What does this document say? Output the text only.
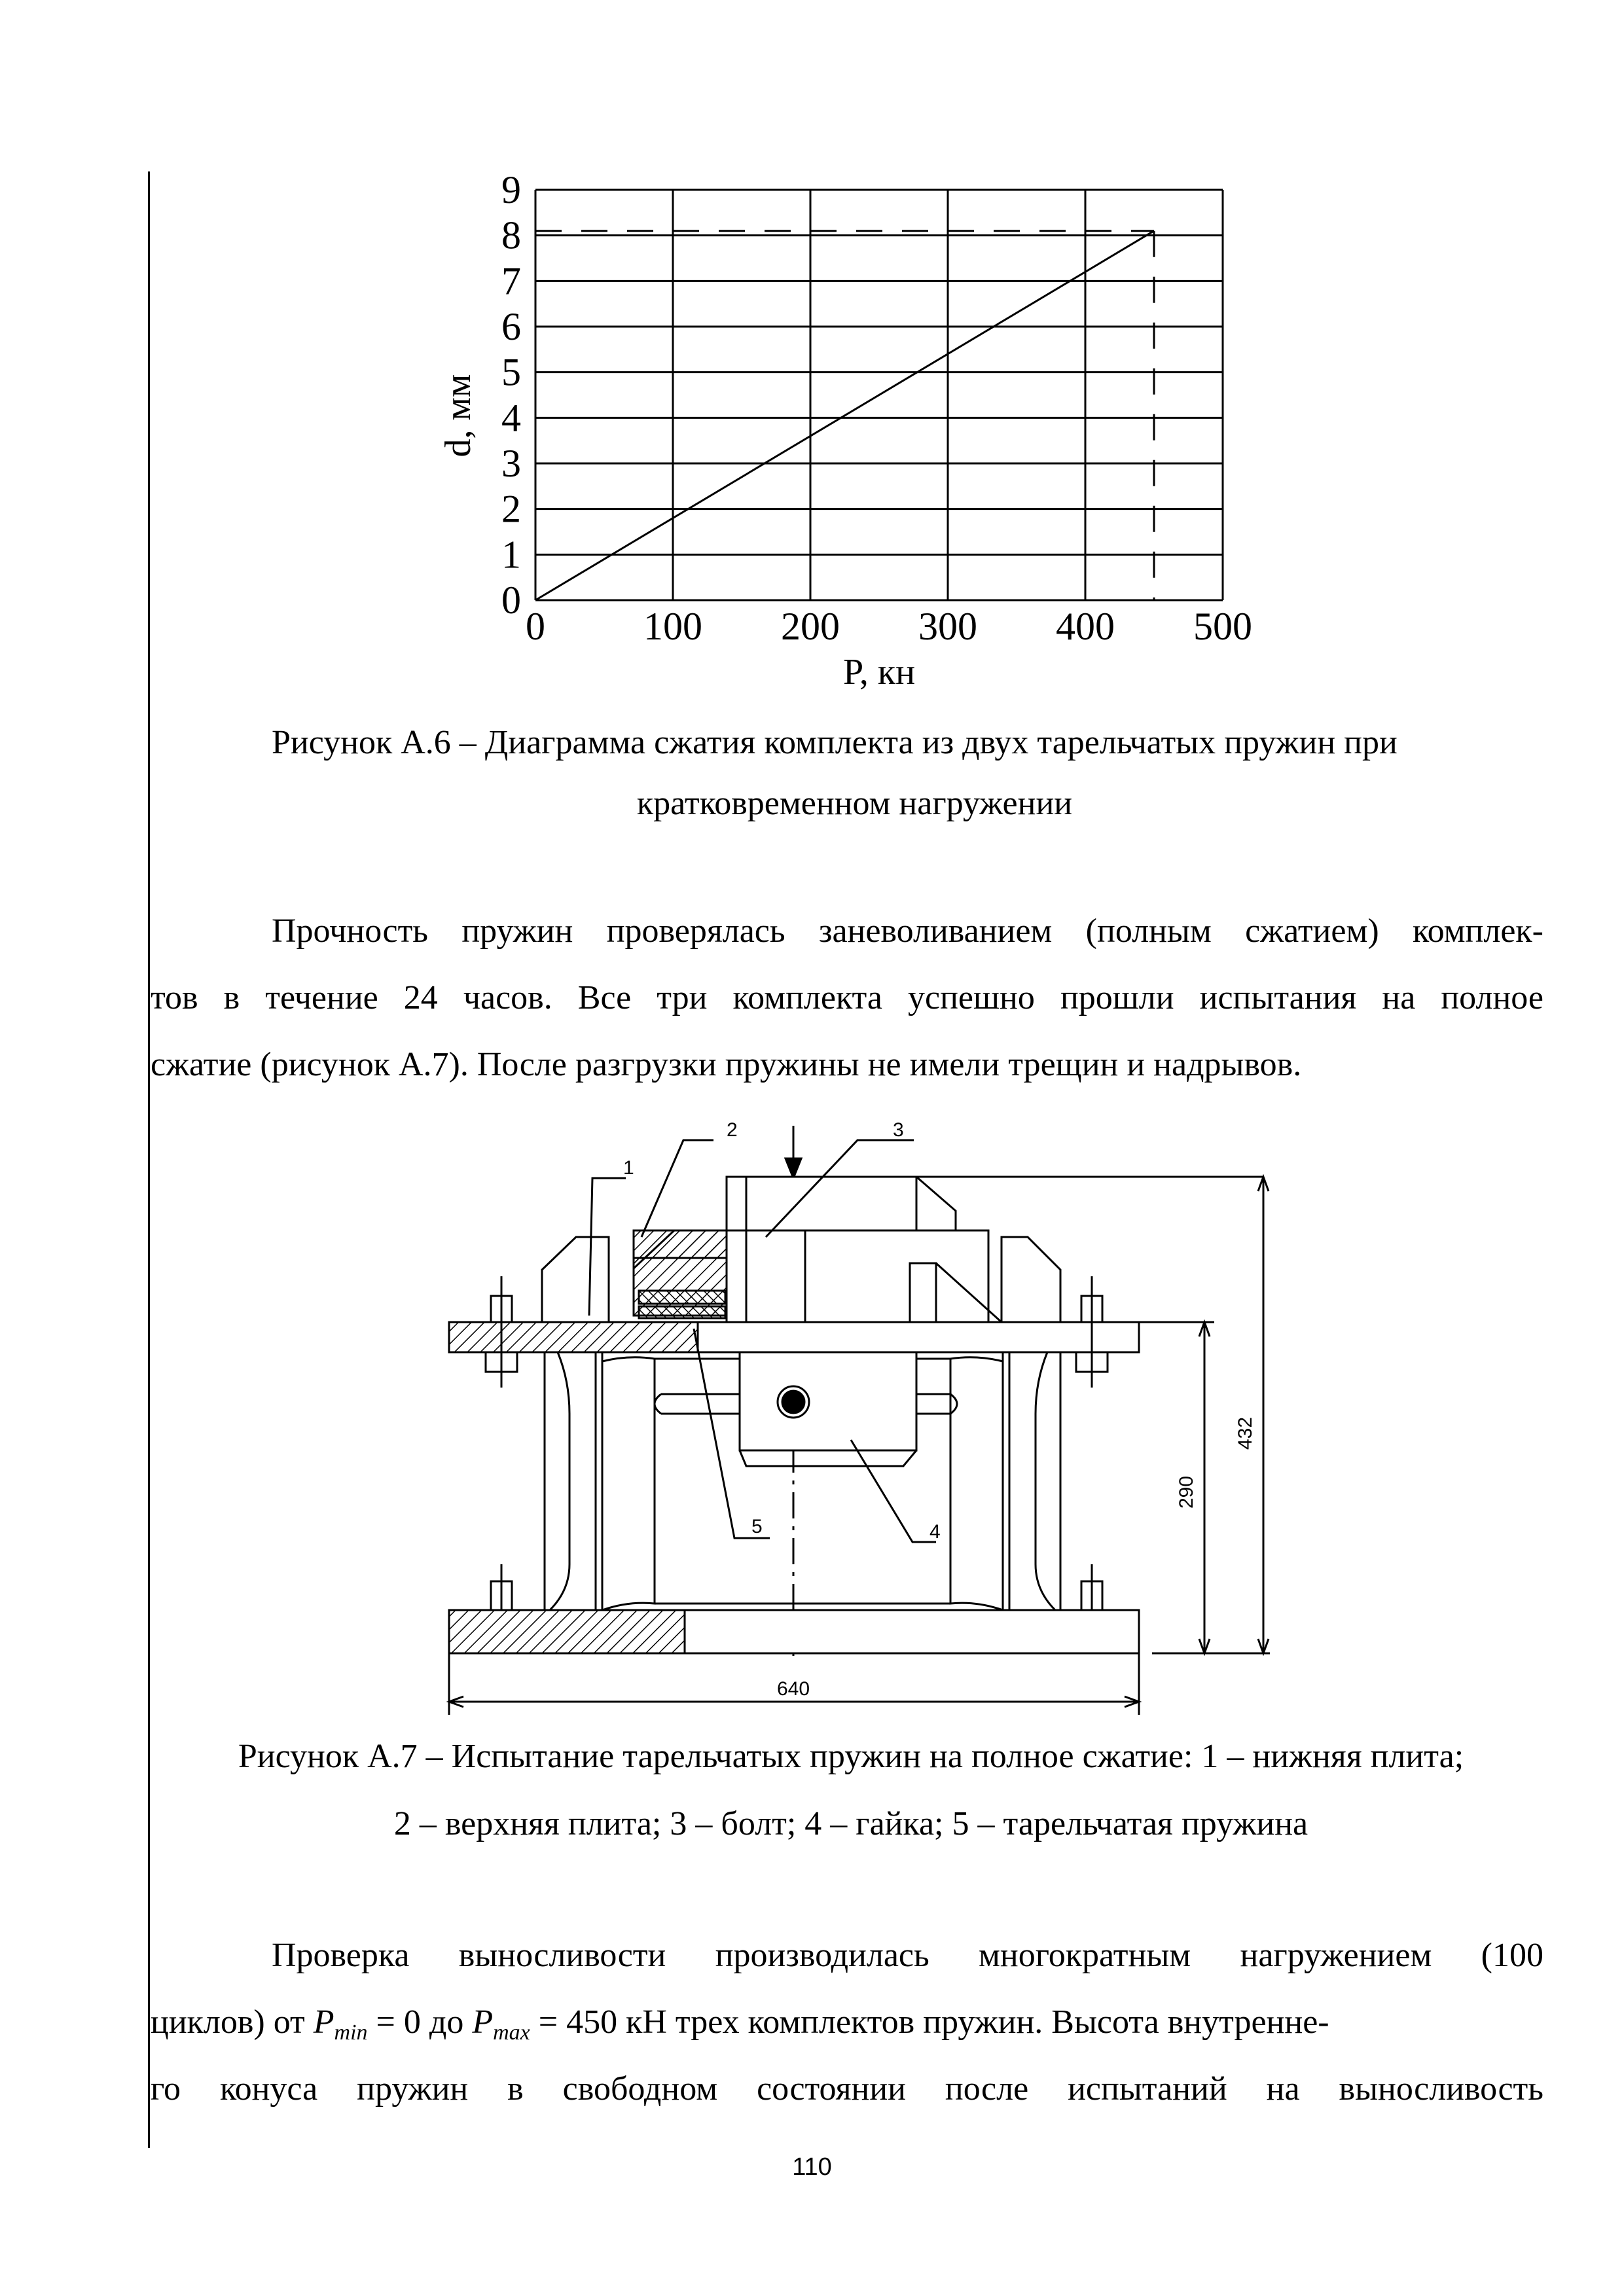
0	100 200 300 400 500
0
1
2
3
4
5
6
7
8
9
P, кн
d, мм
Рисунок А.6 – Диаграмма сжатия комплекта из двух тарельчатых пружин при
кратковременном нагружении
Прочность пружин проверялась заневоливанием (полным сжатием) комплек-
тов в течение 24 часов. Все три комплекта успешно прошли испытания на полное
сжатие (рисунок А.7). После разгрузки пружины не имели трещин и надрывов.
1
2	3
4
5
640
432
290
Рисунок А.7 – Испытание тарельчатых пружин на полное сжатие: 1 – нижняя плита;
2 – верхняя плита; 3 – болт; 4 – гайка; 5 – тарельчатая пружина
Проверка выносливости производилась многократным нагружением (100
циклов) от $P_{min} = 0$ до $P_{max} = 450$ кН трех комплектов пружин. Высота внутренне-
го конуса пружин в свободном состоянии после испытаний на выносливость
110
